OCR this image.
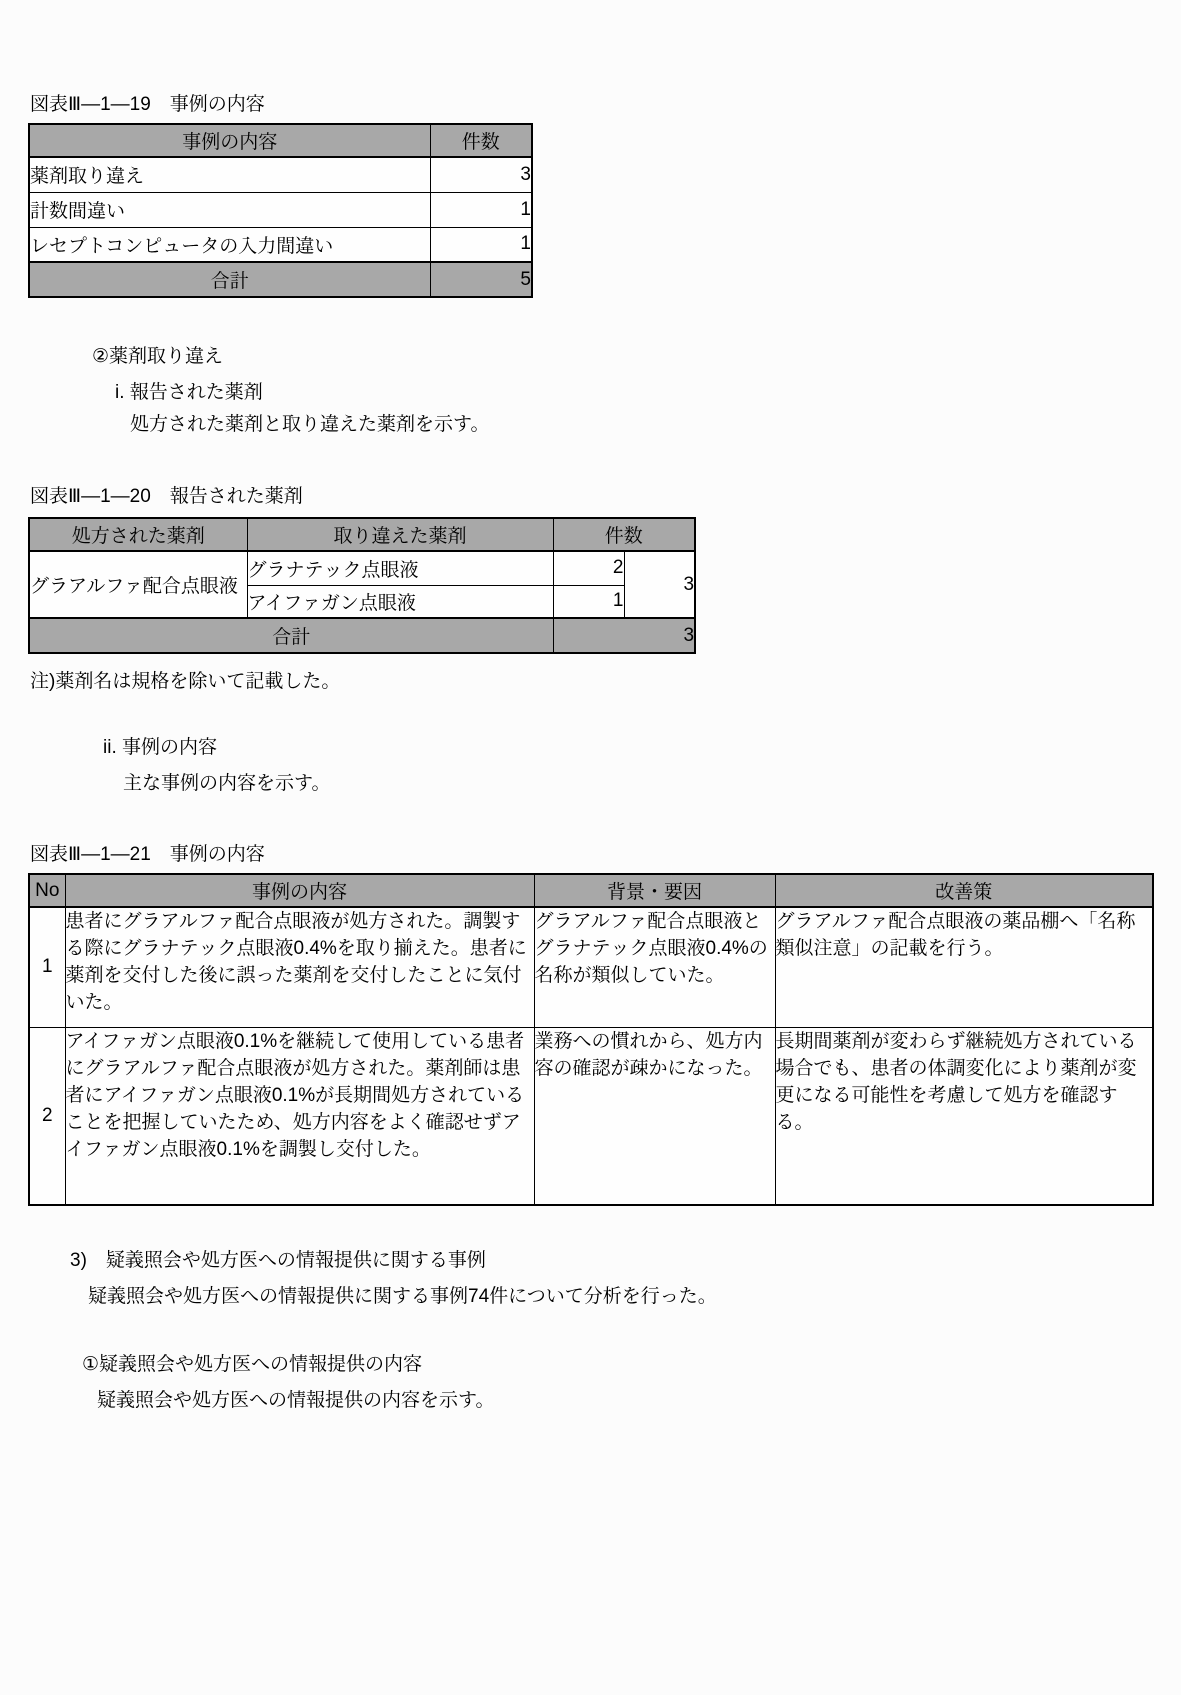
図表Ⅲ—1—19　事例の内容
事例の内容	件数
薬剤取り違え	3
計数間違い	1
レセプトコンピュータの入力間違い	1
合計	5
②薬剤取り違え
i. 報告された薬剤
処方された薬剤と取り違えた薬剤を示す。
図表Ⅲ—1—20　報告された薬剤
処方された薬剤	取り違えた薬剤	件数	
グラアルファ配合点眼液	グラナテック点眼液	2	3
	アイファガン点眼液	1	
合計		3	
注)薬剤名は規格を除いて記載した。
ii. 事例の内容
主な事例の内容を示す。
図表Ⅲ—1—21　事例の内容
No	事例の内容	背景・要因	改善策
1	患者にグラアルファ配合点眼液が処方された。調製する際にグラナテック点眼液0.4%を取り揃えた。患者に薬剤を交付した後に誤った薬剤を交付したことに気付いた。	グラアルファ配合点眼液とグラナテック点眼液0.4%の名称が類似していた。	グラアルファ配合点眼液の薬品棚へ「名称類似注意」の記載を行う。
2	アイファガン点眼液0.1%を継続して使用している患者にグラアルファ配合点眼液が処方された。薬剤師は患者にアイファガン点眼液0.1%が長期間処方されていることを把握していたため、処方内容をよく確認せずアイファガン点眼液0.1%を調製し交付した。	業務への慣れから、処方内容の確認が疎かになった。	長期間薬剤が変わらず継続処方されている場合でも、患者の体調変化により薬剤が変更になる可能性を考慮して処方を確認する。
3)　疑義照会や処方医への情報提供に関する事例
疑義照会や処方医への情報提供に関する事例74件について分析を行った。
①疑義照会や処方医への情報提供の内容
疑義照会や処方医への情報提供の内容を示す。
